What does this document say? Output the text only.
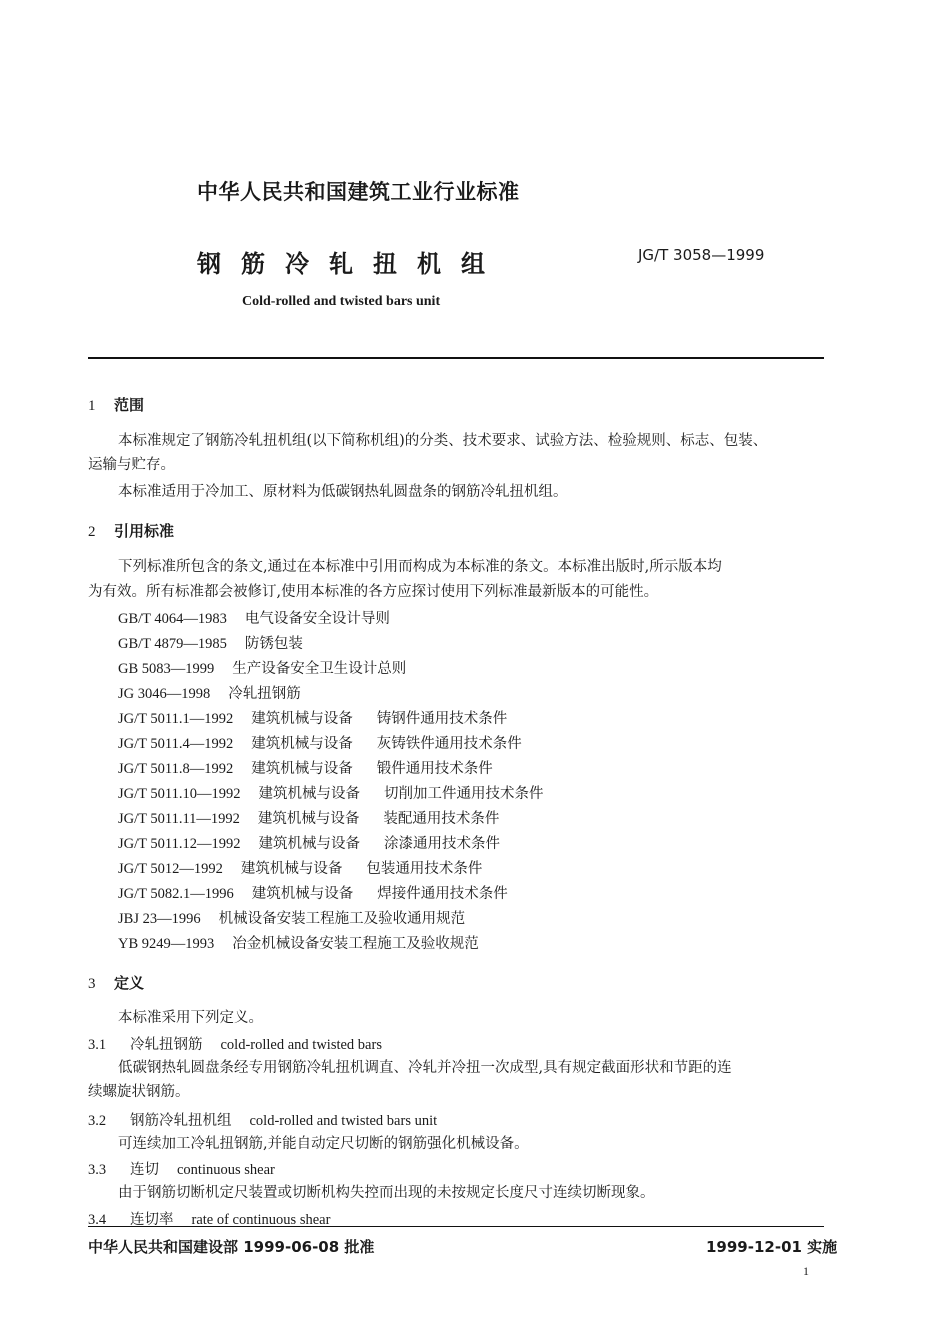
中华人民共和国建筑工业行业标准
钢筋冷轧扭机组	JG/T 3058—1999
Cold-rolled and twisted bars unit
1 范围
本标准规定了钢筋冷轧扭机组(以下简称机组)的分类、技术要求、试验方法、检验规则、标志、包装、
运输与贮存。
本标准适用于冷加工、原材料为低碳钢热轧圆盘条的钢筋冷轧扭机组。
2 引用标准
下列标准所包含的条文,通过在本标准中引用而构成为本标准的条文。本标准出版时,所示版本均
为有效。所有标准都会被修订,使用本标准的各方应探讨使用下列标准最新版本的可能性。
GB/T 4064—1983 电气设备安全设计导则
GB/T 4879—1985 防锈包装
GB 5083—1999 生产设备安全卫生设计总则
JG 3046—1998 冷轧扭钢筋
JG/T 5011.1—1992 建筑机械与设备 铸钢件通用技术条件
JG/T 5011.4—1992 建筑机械与设备 灰铸铁件通用技术条件
JG/T 5011.8—1992 建筑机械与设备 锻件通用技术条件
JG/T 5011.10—1992 建筑机械与设备 切削加工件通用技术条件
JG/T 5011.11—1992 建筑机械与设备 装配通用技术条件
JG/T 5011.12—1992 建筑机械与设备 涂漆通用技术条件
JG/T 5012—1992 建筑机械与设备 包装通用技术条件
JG/T 5082.1—1996 建筑机械与设备 焊接件通用技术条件
JBJ 23—1996 机械设备安装工程施工及验收通用规范
YB 9249—1993 冶金机械设备安装工程施工及验收规范
3 定义
本标准采用下列定义。
3.1 冷轧扭钢筋 cold-rolled and twisted bars
低碳钢热轧圆盘条经专用钢筋冷轧扭机调直、冷轧并冷扭一次成型,具有规定截面形状和节距的连
续螺旋状钢筋。
3.2 钢筋冷轧扭机组 cold-rolled and twisted bars unit
可连续加工冷轧扭钢筋,并能自动定尺切断的钢筋强化机械设备。
3.3 连切 continuous shear
由于钢筋切断机定尺装置或切断机构失控而出现的未按规定长度尺寸连续切断现象。
3.4 连切率 rate of continuous shear
中华人民共和国建设部 1999-06-08 批准	1999-12-01 实施
1
